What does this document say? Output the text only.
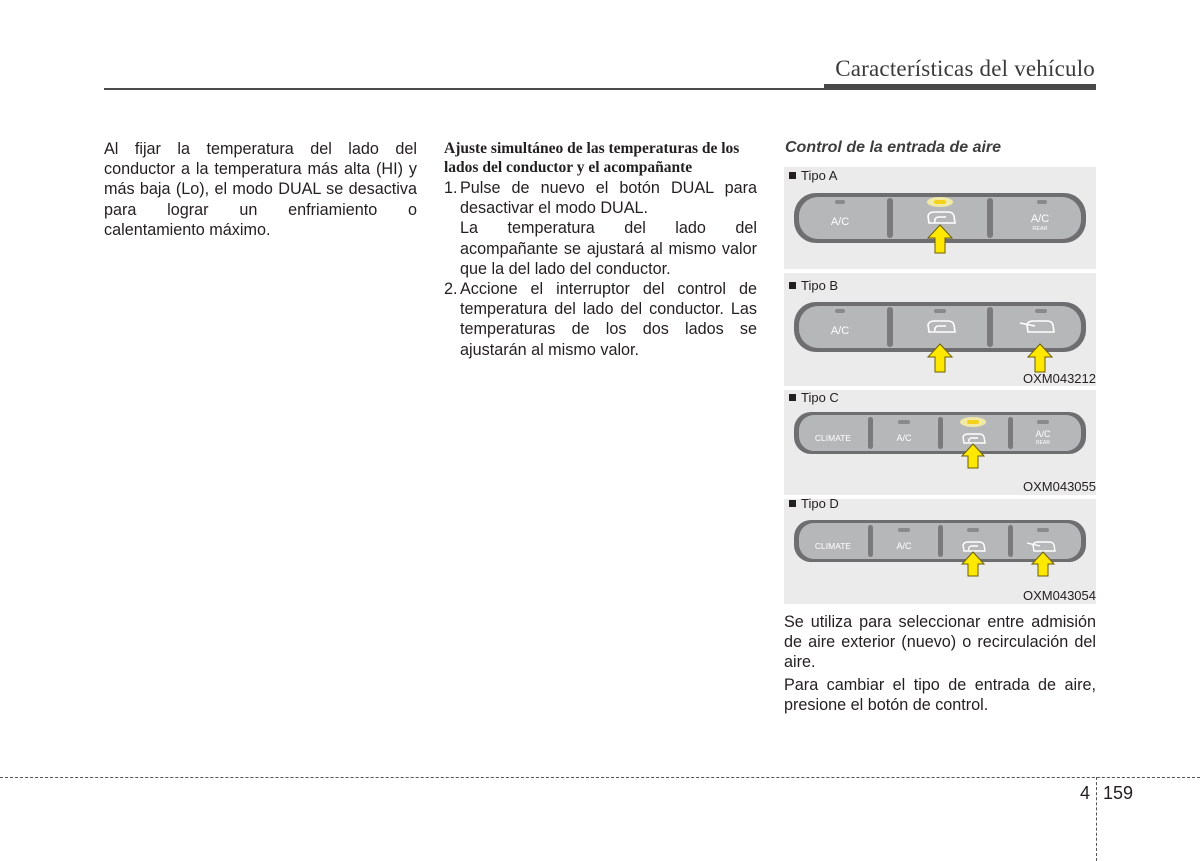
Características del vehículo
Al fijar la temperatura del lado del conductor a la temperatura más alta (HI) y más baja (Lo), el modo DUAL se desactiva para lograr un enfriamiento o calentamiento máximo.
Ajuste simultáneo de las temperaturas de los lados del conductor y el acompañante
1. Pulse de nuevo el botón DUAL para desactivar el modo DUAL.
La temperatura del lado del acompañante se ajustará al mismo valor que la del lado del conductor.
2. Accione el interruptor del control de temperatura del lado del conductor. Las temperaturas de los dos lados se ajustarán al mismo valor.
Control de la entrada de aire
Tipo A
A/C	A/C
REAR
Tipo B
A/C
OXM043212
Tipo C
CLIMATE	A/C	A/C
REAR
OXM043055
Tipo D
CLIMATE	A/C
OXM043054

Se utiliza para seleccionar entre admisión de aire exterior (nuevo) o recirculación del aire.

Para cambiar el tipo de entrada de aire, presione el botón de control.

4 159
